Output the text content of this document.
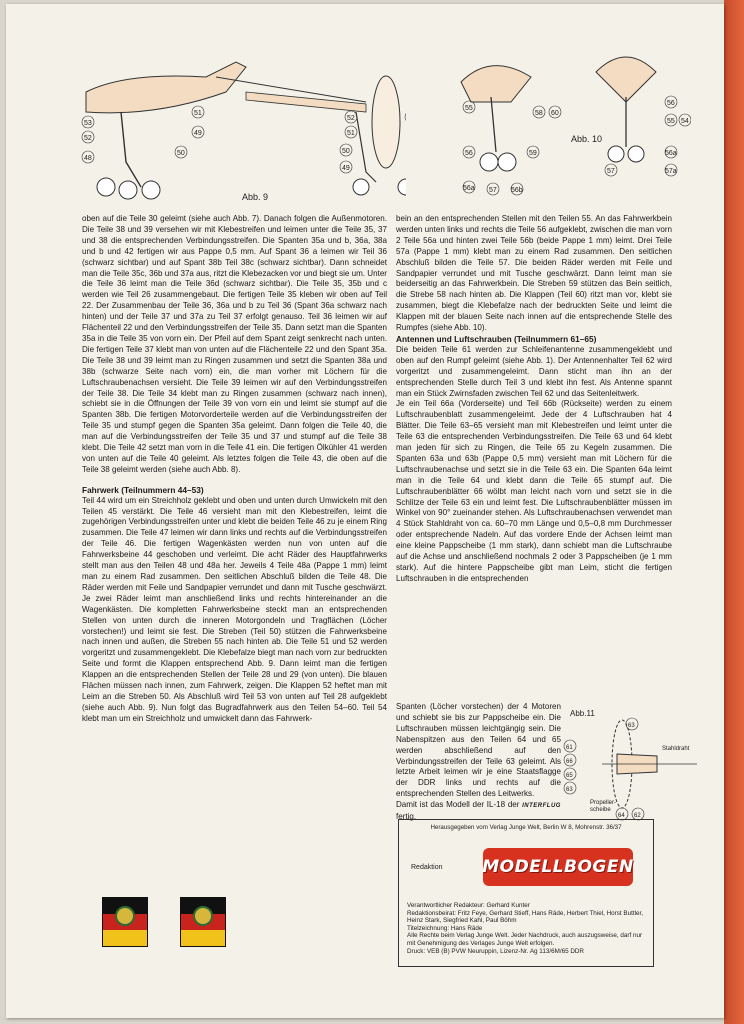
53
52
51
49
50
48
52
51
50
49
Abb. 9
55
58 60
56
56a 57 56b
59
56
55 54
56a
57a
57
Abb. 10

oben auf die Teile 30 geleimt (siehe auch Abb. 7). Danach folgen die Außenmotoren. Die Teile 38 und 39 versehen wir mit Klebestreifen und leimen unter die Teile 35, 37 und 38 die entsprechenden Verbindungsstreifen. Die Spanten 35a und b, 36a, 38a und b und 42 fertigen wir aus Pappe 0,5 mm. Auf Spant 36 a leimen wir Teil 36 (schwarz sichtbar) und auf Spant 38b Teil 38c (schwarz sichtbar). Dann schneidet man die Teile 35c, 36b und 37a aus, ritzt die Klebezacken vor und biegt sie um. Unter die Teile 36 leimt man die Teile 36d (schwarz sichtbar). Die Teile 35, 35b und c werden wie Teil 26 zusammengebaut. Die fertigen Teile 35 kleben wir oben auf Teil 22. Der Zusammenbau der Teile 36, 36a und b zu Teil 36 (Spant 36a schwarz nach hinten) und der Teile 37 und 37a zu Teil 37 erfolgt genauso. Teil 36 leimen wir auf Flächenteil 22 und den Verbindungsstreifen der Teile 35. Dann setzt man die Spanten 35a in die Teile 35 von vorn ein. Der Pfeil auf dem Spant zeigt senkrecht nach unten. Die fertigen Teile 37 klebt man von unten auf die Flächenteile 22 und den Spant 35a. Die Teile 38 und 39 leimt man zu Ringen zusammen und setzt die Spanten 38a und 38b (schwarze Seite nach vorn) ein, die man vorher mit Löchern für die Luftschraubenachsen versieht. Die Teile 39 leimen wir auf den Verbindungsstreifen der Teile 38. Die Teile 34 klebt man zu Ringen zusammen (schwarz nach innen), schiebt sie in die Öffnungen der Teile 39 von vorn ein und leimt sie stumpf auf die Spanten 38b. Die fertigen Motorvorderteile werden auf die Verbindungsstreifen der Teile 35 und stumpf gegen die Spanten 35a geleimt. Dann folgen die Teile 40, die man auf die Verbindungsstreifen der Teile 35 und 37 und stumpf auf die Teile 38 klebt. Die Teile 42 setzt man vorn in die Teile 41 ein. Die fertigen Ölkühler 41 werden von unten auf die Teile 40 geleimt. Als letztes folgen die Teile 43, die oben auf die Teile 38 geleimt werden (siehe auch Abb. 8).

Fahrwerk (Teilnummern 44–53)

Teil 44 wird um ein Streichholz geklebt und oben und unten durch Umwickeln mit den Teilen 45 verstärkt. Die Teile 46 versieht man mit den Klebestreifen, leimt die zugehörigen Verbindungsstreifen unter und klebt die beiden Teile 46 zu je einem Ring zusammen. Die Teile 47 leimen wir dann links und rechts auf die Verbindungsstreifen der Teile 46. Die fertigen Wagenkästen werden nun von unten auf die Fahrwerksbeine 44 geschoben und verleimt. Die acht Räder des Hauptfahrwerks stellt man aus den Teilen 48 und 48a her. Jeweils 4 Teile 48a (Pappe 1 mm) leimt man zu einem Rad zusammen. Den seitlichen Abschluß bilden die Teile 48. Die Räder werden mit Feile und Sandpapier verrundet und dann mit Tusche geschwärzt. Je zwei Räder leimt man anschließend links und rechts hintereinander an die Wagenkästen. Die kompletten Fahrwerksbeine steckt man an entsprechenden Stellen von unten durch die inneren Motorgondeln und Tragflächen (Löcher vorstechen!) und leimt sie fest. Die Streben (Teil 50) stützen die Fahrwerksbeine nach innen und außen, die Streben 55 nach hinten ab. Die Teile 51 und 52 werden vorgeritzt und zusammengeklebt. Die Klebefalze biegt man nach vorn zur bedruckten Seite und formt die Klappen entsprechend Abb. 9. Dann leimt man die fertigen Klappen an die entsprechenden Stellen der Teile 28 und 29 (von unten). Die blauen Flächen müssen nach innen, zum Fahrwerk, zeigen. Die Klappen 52 heftet man mit Leim an die Streben 50. Als Abschluß wird Teil 53 von unten auf Teil 28 aufgeklebt (siehe auch Abb. 9). Nun folgt das Bugradfahrwerk aus den Teilen 54–60. Teil 54 klebt man um ein Streichholz und umwickelt dann das Fahrwerk-

bein an den entsprechenden Stellen mit den Teilen 55. An das Fahrwerkbein werden unten links und rechts die Teile 56 aufgeklebt, zwischen die man vorn 2 Teile 56a und hinten zwei Teile 56b (beide Pappe 1 mm) leimt. Drei Teile 57a (Pappe 1 mm) klebt man zu einem Rad zusammen. Den seitlichen Abschluß bilden die Teile 57. Die beiden Räder werden mit Feile und Sandpapier verrundet und mit Tusche geschwärzt. Dann leimt man sie beiderseitig an das Fahrwerkbein. Die Streben 59 stützen das Bein seitlich, die Strebe 58 nach hinten ab. Die Klappen (Teil 60) ritzt man vor, klebt sie zusammen, biegt die Klebefalze nach der bedruckten Seite und leimt die Klappen mit der blauen Seite nach innen auf die entsprechende Stelle des Rumpfes (siehe Abb. 10).

Antennen und Luftschrauben (Teilnummern 61–65)

Die beiden Teile 61 werden zur Schleifenantenne zusammengeklebt und oben auf den Rumpf geleimt (siehe Abb. 1). Der Antennenhalter Teil 62 wird vorgeritzt und zusammengeleimt. Dann sticht man ihn an der entsprechenden Stelle durch Teil 3 und klebt ihn fest. Als Antenne spannt man ein Stück Zwirnsfaden zwischen Teil 62 und das Seitenleitwerk.

Je ein Teil 66a (Vorderseite) und Teil 66b (Rückseite) werden zu einem Luftschraubenblatt zusammengeleimt. Jede der 4 Luftschrauben hat 4 Blätter. Die Teile 63–65 versieht man mit Klebestreifen und leimt unter die Teile 63 die entsprechenden Verbindungsstreifen. Die Teile 63 und 64 klebt man jeden für sich zu Ringen, die Teile 65 zu Kegeln zusammen. Die Spanten 63a und 63b (Pappe 0,5 mm) versieht man mit Löchern für die Luftschraubenachse und setzt sie in die Teile 63 ein. Die Spanten 64a leimt man in die Teile 64 und klebt dann die Teile 65 stumpf auf. Die Luftschraubenblätter 66 wölbt man leicht nach vorn und setzt sie in die Schlitze der Teile 63 ein und leimt fest. Die Luftschraubenblätter müssen im Winkel von 90° zueinander stehen. Als Luftschraubenachsen verwendet man 4 Stück Stahldraht von ca. 60–70 mm Länge und 0,5–0,8 mm Durchmesser oder entsprechende Nadeln. Auf das vordere Ende der Achsen leimt man eine kleine Pappscheibe (1 mm stark), dann schiebt man die Luftschraube auf die Achse und anschließend nochmals 2 oder 3 Pappscheiben (je 1 mm stark). Auf die hintere Pappscheibe gibt man Leim, sticht die fertigen Luftschrauben in die entsprechenden

Spanten (Löcher vorstechen) der 4 Motoren und schiebt sie bis zur Pappscheibe ein. Die Luftschrauben müssen leichtgängig sein. Die Nabenspitzen aus den Teilen 64 und 65 werden abschließend auf den Verbindungsstreifen der Teile 63 geleimt. Als letzte Arbeit leimen wir je eine Staatsflagge der DDR links und rechts auf die entsprechenden Stellen des Leitwerks.

Damit ist das Modell der IL-18 der INTERFLUG fertig.

61
66
65
63
63
Stahldraht
Propeller-
scheibe
64 62
Abb.11
Herausgegeben vom Verlag Junge Welt, Berlin W 8, Mohrenstr. 36/37
Redaktion MODELLBOGEN
Verantwortlicher Redakteur: Gerhard Kunter
Redaktionsbeirat: Fritz Feye, Gerhard Stieff, Hans Räde, Herbert Thiel, Horst Buttler, Heinz Stark, Siegfried Kahl, Paul Böhm
Titelzeichnung: Hans Räde
Alle Rechte beim Verlag Junge Welt. Jeder Nachdruck, auch auszugsweise, darf nur mit Genehmigung des Verlages Junge Welt erfolgen.
Druck: VEB (B) PVW Neuruppin, Lizenz-Nr. Ag 113/6M/65 DDR
